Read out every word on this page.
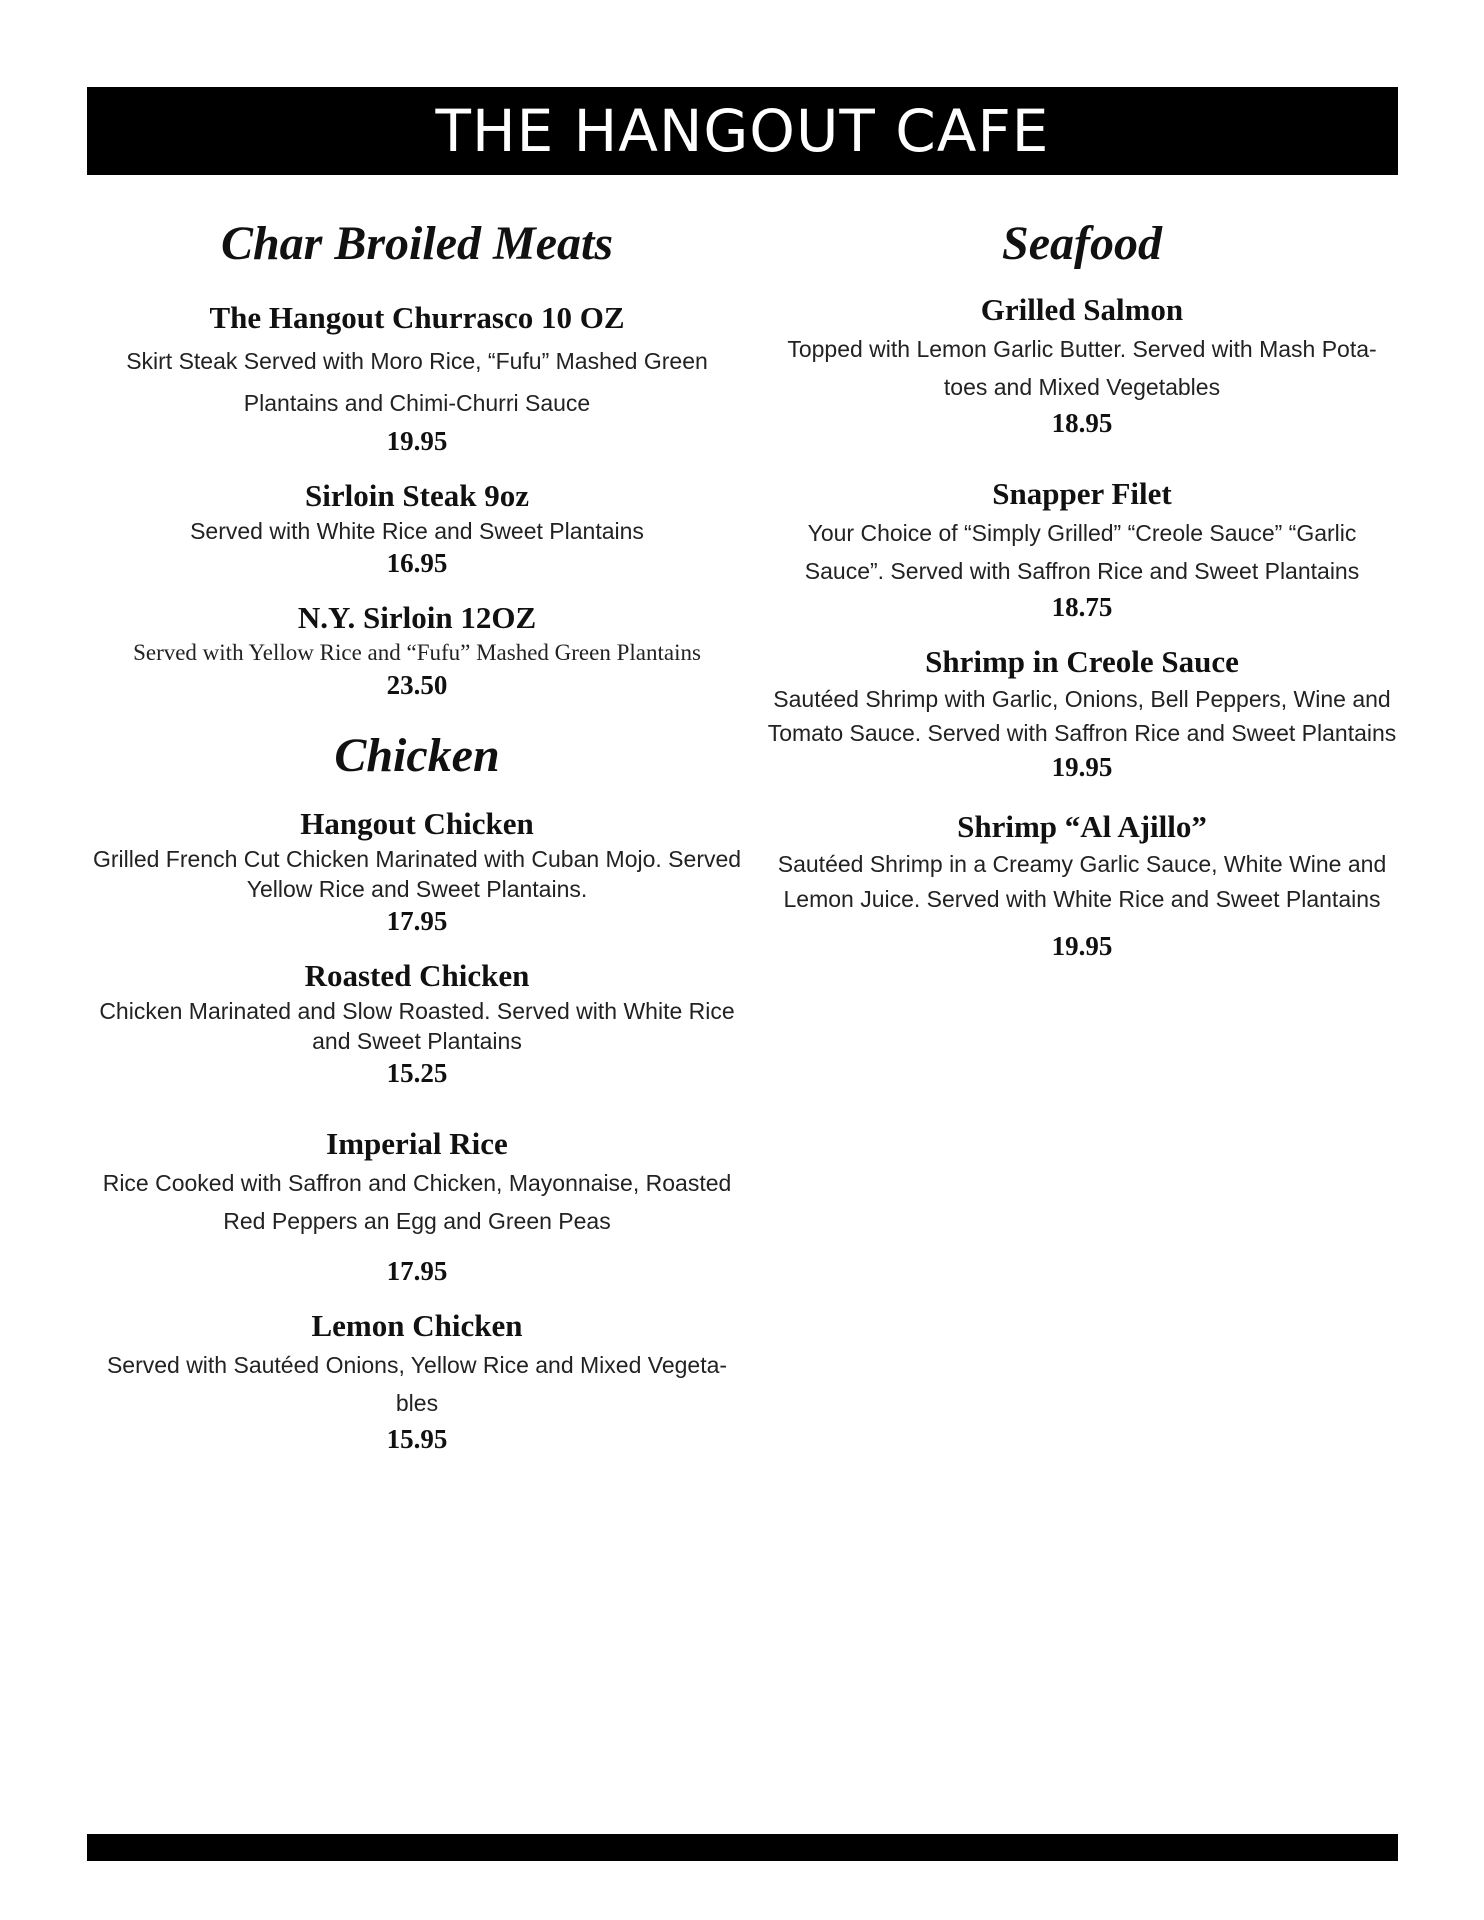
THE HANGOUT CAFE
Char Broiled Meats

The Hangout Churrasco 10 OZ

Skirt Steak Served with Moro Rice, “Fufu” Mashed Green Plantains and Chimi-Churri Sauce

19.95

Sirloin Steak 9oz

Served with White Rice and Sweet Plantains

16.95

N.Y. Sirloin 12OZ

Served with Yellow Rice and “Fufu” Mashed Green Plantains

23.50

Chicken

Hangout Chicken

Grilled French Cut Chicken Marinated with Cuban Mojo. Served Yellow Rice and Sweet Plantains.

17.95

Roasted Chicken

Chicken Marinated and Slow Roasted. Served with White Rice and Sweet Plantains

15.25

Imperial Rice

Rice Cooked with Saffron and Chicken, Mayonnaise, Roasted Red Peppers an Egg and Green Peas

17.95

Lemon Chicken

Served with Sautéed Onions, Yellow Rice and Mixed Vegeta-bles

15.95

Seafood

Grilled Salmon

Topped with Lemon Garlic Butter. Served with Mash Pota-toes and Mixed Vegetables

18.95

Snapper Filet

Your Choice of “Simply Grilled” “Creole Sauce” “Garlic Sauce”. Served with Saffron Rice and Sweet Plantains

18.75

Shrimp in Creole Sauce

Sautéed Shrimp with Garlic, Onions, Bell Peppers, Wine and Tomato Sauce. Served with Saffron Rice and Sweet Plantains 19.95

Shrimp “Al Ajillo”

Sautéed Shrimp in a Creamy Garlic Sauce, White Wine and Lemon Juice. Served with White Rice and Sweet Plantains

19.95
